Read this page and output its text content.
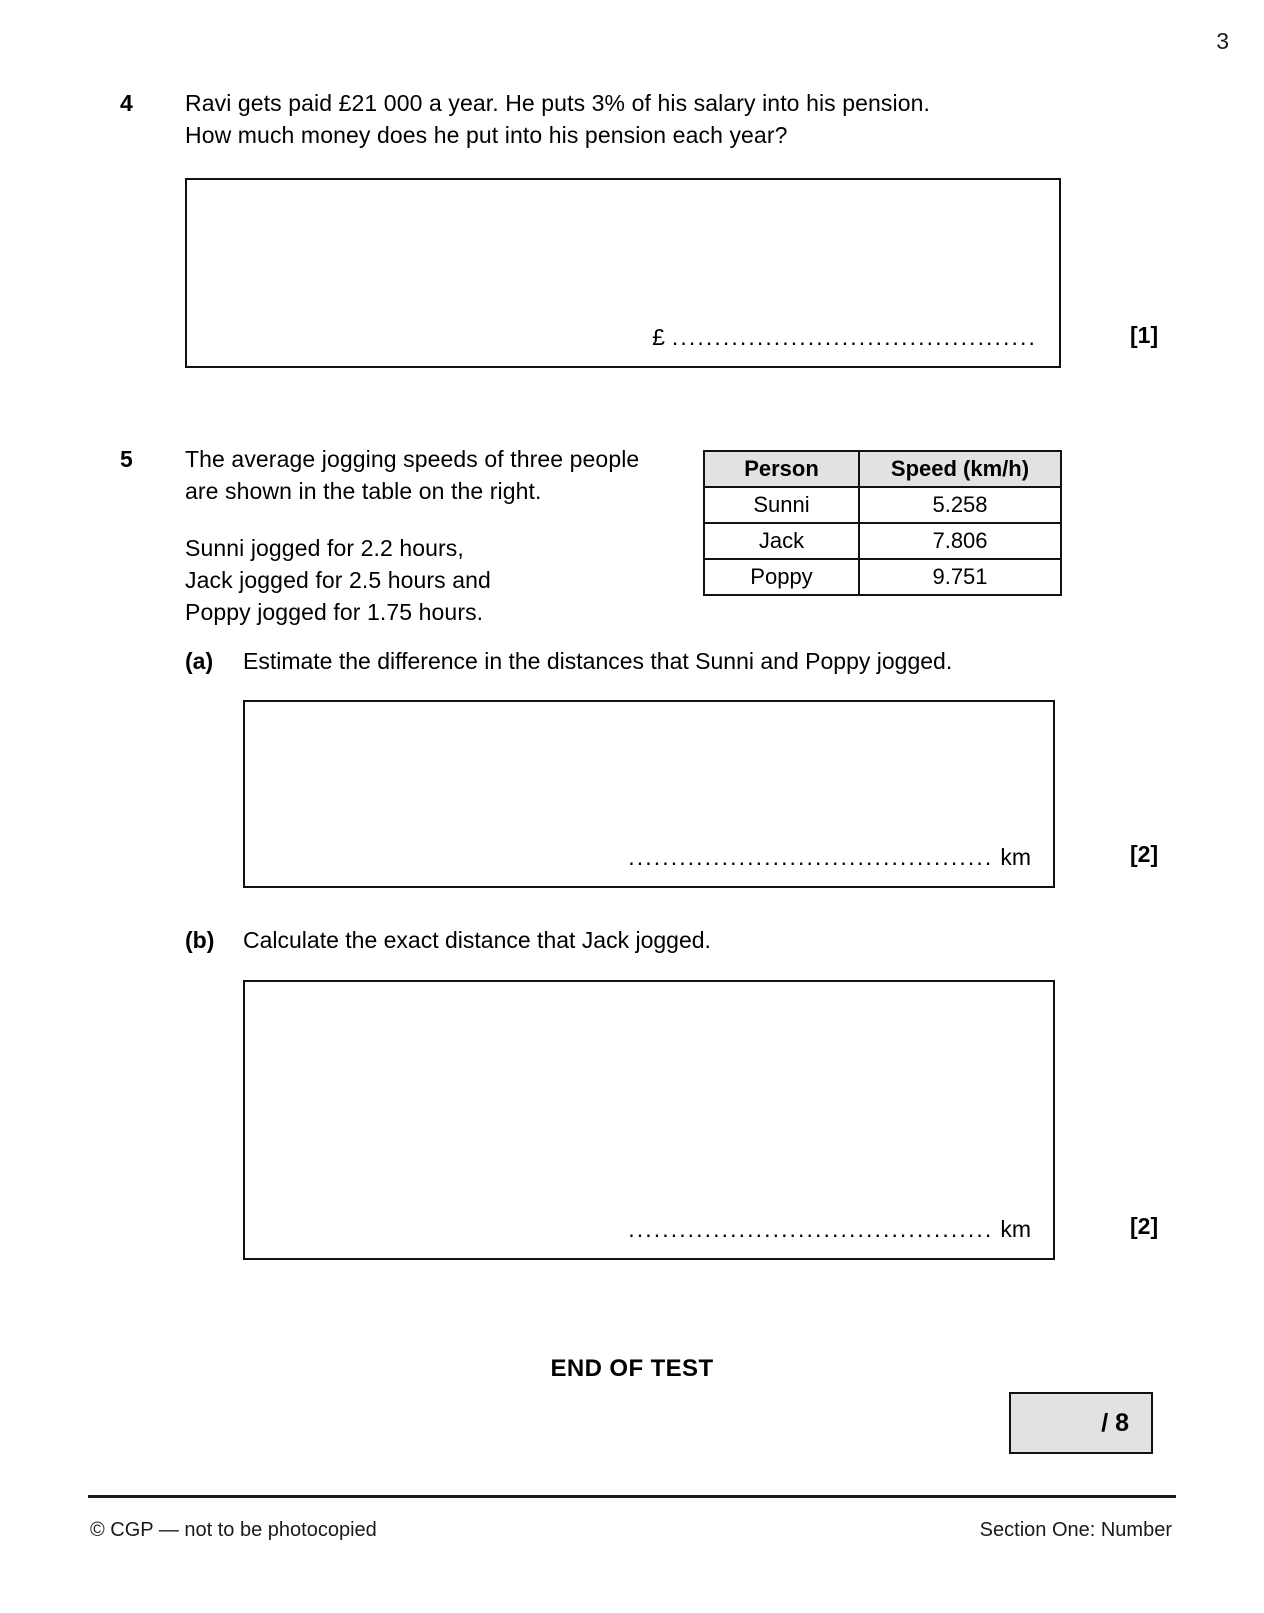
3
4 Ravi gets paid £21 000 a year. He puts 3% of his salary into his pension.
How much money does he put into his pension each year?
£ ...........................................	[1]
5 The average jogging speeds of three people
are shown in the table on the right.
Sunni jogged for 2.2 hours,
Jack jogged for 2.5 hours and
Poppy jogged for 1.75 hours.
Person	Speed (km/h)
Sunni	5.258
Jack	7.806
Poppy	9.751
(a) Estimate the difference in the distances that Sunni and Poppy jogged.
........................................... km	[2]
(b) Calculate the exact distance that Jack jogged.
........................................... km	[2]
END OF TEST
/ 8
© CGP — not to be photocopied	Section One: Number
